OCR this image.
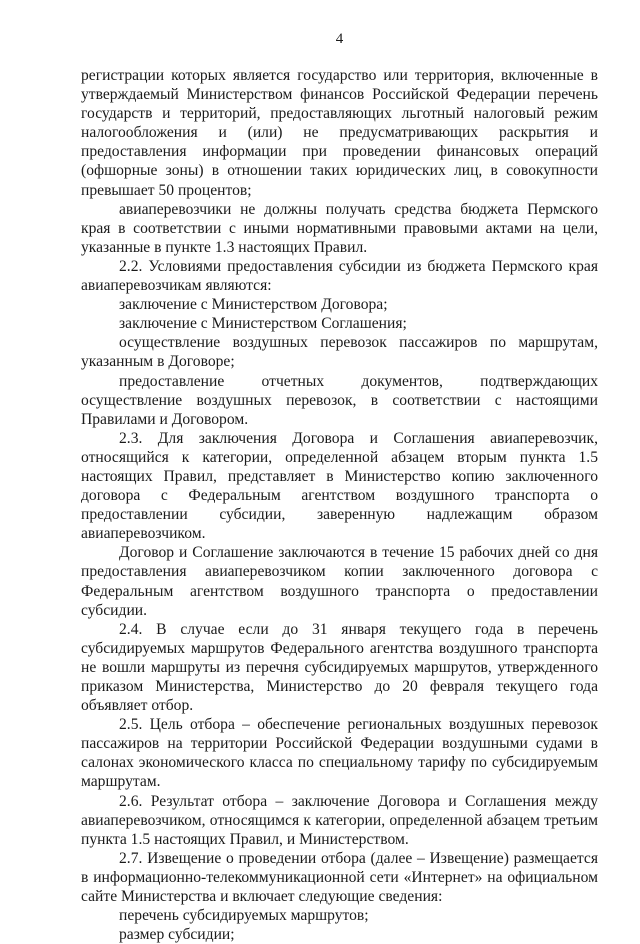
4

регистрации которых является государство или территория, включенные в утверждаемый Министерством финансов Российской Федерации перечень государств и территорий, предоставляющих льготный налоговый режим налогообложения и (или) не предусматривающих раскрытия и предоставления информации при проведении финансовых операций (офшорные зоны) в отношении таких юридических лиц, в совокупности превышает 50 процентов;

авиаперевозчики не должны получать средства бюджета Пермского края в соответствии с иными нормативными правовыми актами на цели, указанные в пункте 1.3 настоящих Правил.

2.2. Условиями предоставления субсидии из бюджета Пермского края авиаперевозчикам являются:

заключение с Министерством Договора;

заключение с Министерством Соглашения;

осуществление воздушных перевозок пассажиров по маршрутам, указанным в Договоре;

предоставление отчетных документов, подтверждающих осуществление воздушных перевозок, в соответствии с настоящими Правилами и Договором.

2.3. Для заключения Договора и Соглашения авиаперевозчик, относящийся к категории, определенной абзацем вторым пункта 1.5 настоящих Правил, представляет в Министерство копию заключенного договора с Федеральным агентством воздушного транспорта о предоставлении субсидии, заверенную надлежащим образом авиаперевозчиком.

Договор и Соглашение заключаются в течение 15 рабочих дней со дня предоставления авиаперевозчиком копии заключенного договора с Федеральным агентством воздушного транспорта о предоставлении субсидии.

2.4. В случае если до 31 января текущего года в перечень субсидируемых маршрутов Федерального агентства воздушного транспорта не вошли маршруты из перечня субсидируемых маршрутов, утвержденного приказом Министерства, Министерство до 20 февраля текущего года объявляет отбор.

2.5. Цель отбора – обеспечение региональных воздушных перевозок пассажиров на территории Российской Федерации воздушными судами в салонах экономического класса по специальному тарифу по субсидируемым маршрутам.

2.6. Результат отбора – заключение Договора и Соглашения между авиаперевозчиком, относящимся к категории, определенной абзацем третьим пункта 1.5 настоящих Правил, и Министерством.

2.7. Извещение о проведении отбора (далее – Извещение) размещается в информационно-телекоммуникационной сети «Интернет» на официальном сайте Министерства и включает следующие сведения:

перечень субсидируемых маршрутов;

размер субсидии;
